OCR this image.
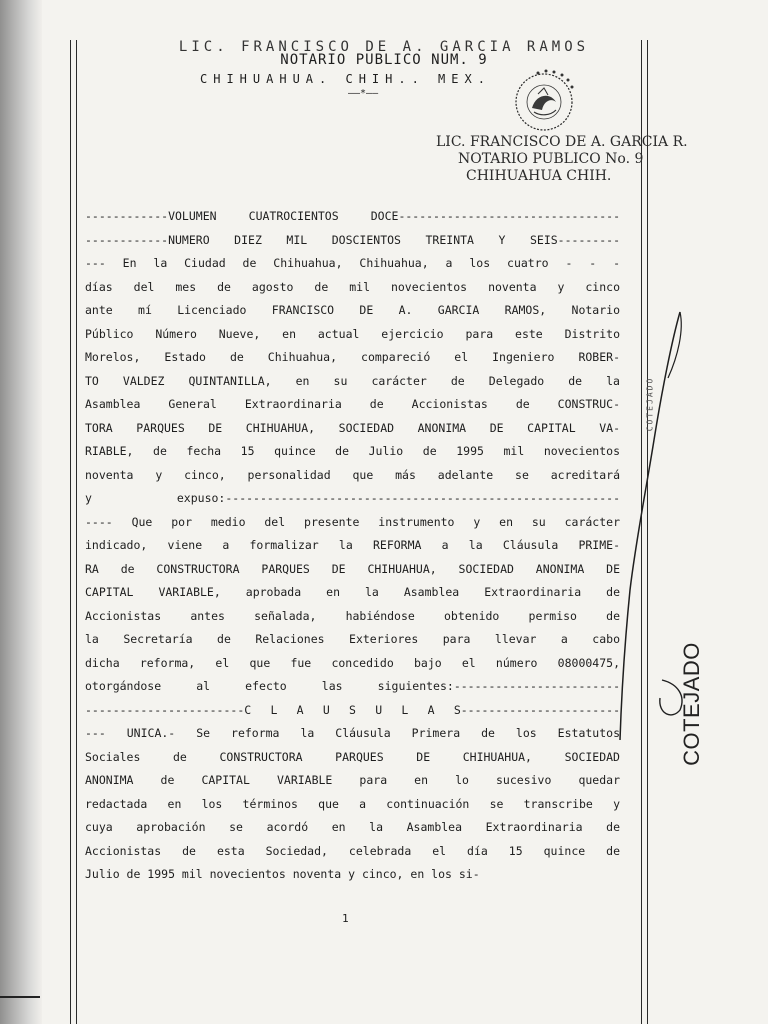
LIC. FRANCISCO DE A. GARCIA RAMOS
NOTARIO PUBLICO NUM. 9
CHIHUAHUA. CHIH.. MEX.
——*——
LIC. FRANCISCO DE A. GARCIA R.
NOTARIO PUBLICO No. 9
CHIHUAHUA CHIH.
------------VOLUMEN CUATROCIENTOS DOCE--------------------------------
------------NUMERO DIEZ MIL DOSCIENTOS TREINTA Y SEIS---------
--- En la Ciudad de Chihuahua, Chihuahua, a los cuatro - - -
días del mes de agosto de mil novecientos noventa y cinco
ante mí Licenciado FRANCISCO DE A. GARCIA RAMOS, Notario
Público Número Nueve, en actual ejercicio para este Distrito
Morelos, Estado de Chihuahua, compareció el Ingeniero ROBER-
TO VALDEZ QUINTANILLA, en su carácter de Delegado de la
Asamblea General Extraordinaria de Accionistas de CONSTRUC-
TORA PARQUES DE CHIHUAHUA, SOCIEDAD ANONIMA DE CAPITAL VA-
RIABLE, de fecha 15 quince de Julio de 1995 mil novecientos
noventa y cinco, personalidad que más adelante se acreditará
y expuso:---------------------------------------------------------
---- Que por medio del presente instrumento y en su carácter
indicado, viene a formalizar la REFORMA a la Cláusula PRIME-
RA de CONSTRUCTORA PARQUES DE CHIHUAHUA, SOCIEDAD ANONIMA DE
CAPITAL VARIABLE, aprobada en la Asamblea Extraordinaria de
Accionistas antes señalada, habiéndose obtenido permiso de
la Secretaría de Relaciones Exteriores para llevar a cabo
dicha reforma, el que fue concedido bajo el número 08000475,
otorgándose al efecto las siguientes:------------------------
-----------------------C L A U S U L A S-----------------------
--- UNICA.- Se reforma la Cláusula Primera de los Estatutos
Sociales de CONSTRUCTORA PARQUES DE CHIHUAHUA, SOCIEDAD
ANONIMA de CAPITAL VARIABLE para en lo sucesivo quedar
redactada en los términos que a continuación se transcribe y
cuya aprobación se acordó en la Asamblea Extraordinaria de
Accionistas de esta Sociedad, celebrada el día 15 quince de
Julio de 1995 mil novecientos noventa y cinco, en los si-
1
COTEJADO
COTEJADO
